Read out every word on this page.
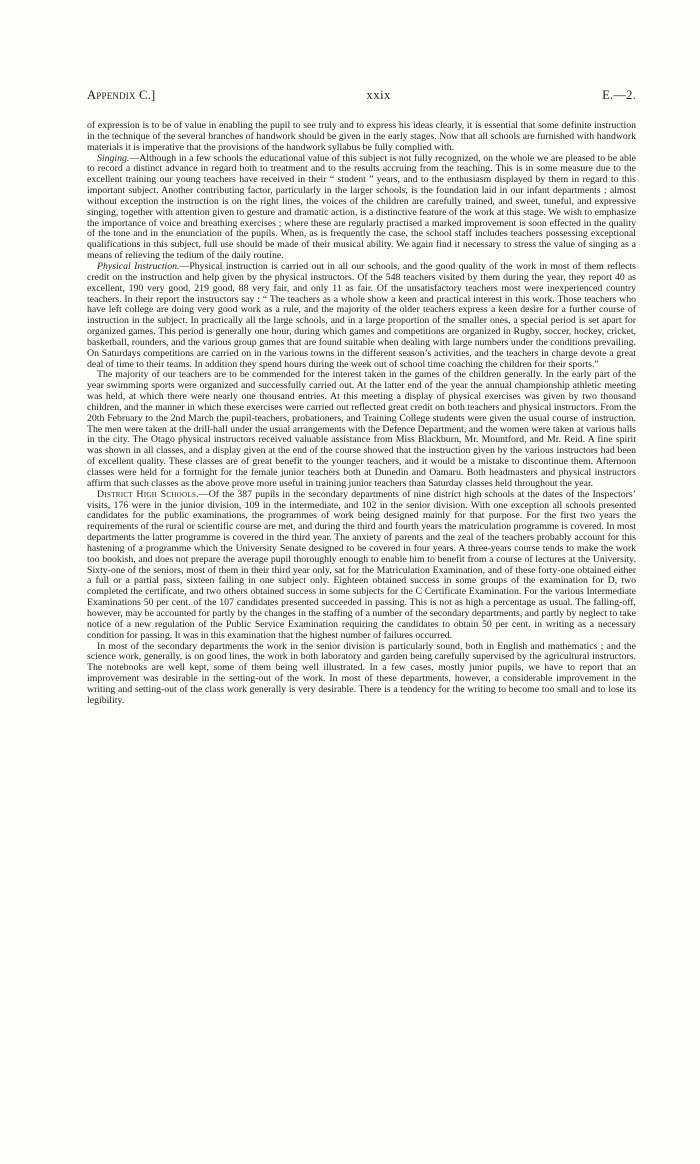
Appendix C.]	xxix	E.—2.

of expression is to be of value in enabling the pupil to see truly and to express his ideas clearly, it is essential that some definite instruction in the technique of the several branches of handwork should be given in the early stages. Now that all schools are furnished with handwork materials it is imperative that the provisions of the handwork syllabus be fully complied with.

Singing.—Although in a few schools the educational value of this subject is not fully recognized, on the whole we are pleased to be able to record a distinct advance in regard both to treatment and to the results accruing from the teaching. This is in some measure due to the excellent training our young teachers have received in their “ student ” years, and to the enthusiasm displayed by them in regard to this important subject. Another contributing factor, particularly in the larger schools, is the foundation laid in our infant departments ; almost without exception the instruction is on the right lines, the voices of the children are carefully trained, and sweet, tuneful, and expressive singing, together with attention given to gesture and dramatic action, is a distinctive feature of the work at this stage. We wish to emphasize the importance of voice and breathing exercises ; where these are regularly practised a marked improvement is soon effected in the quality of the tone and in the enunciation of the pupils. When, as is frequently the case, the school staff includes teachers possessing exceptional qualifications in this subject, full use should be made of their musical ability. We again find it necessary to stress the value of singing as a means of relieving the tedium of the daily routine.

Physical Instruction.—Physical instruction is carried out in all our schools, and the good quality of the work in most of them reflects credit on the instruction and help given by the physical instructors. Of the 548 teachers visited by them during the year, they report 40 as excellent, 190 very good, 219 good, 88 very fair, and only 11 as fair. Of the unsatisfactory teachers most were inexperienced country teachers. In their report the instructors say : “ The teachers as a whole show a keen and practical interest in this work. Those teachers who have left college are doing very good work as a rule, and the majority of the older teachers express a keen desire for a further course of instruction in the subject. In practically all the large schools, and in a large proportion of the smaller ones, a special period is set apart for organized games. This period is generally one hour, during which games and competitions are organized in Rugby, soccer, hockey, cricket, basketball, rounders, and the various group games that are found suitable when dealing with large numbers under the conditions prevailing. On Saturdays competitions are carried on in the various towns in the different season’s activities, and the teachers in charge devote a great deal of time to their teams. In addition they spend hours during the week out of school time coaching the children for their sports.”

The majority of our teachers are to be commended for the interest taken in the games of the children generally. In the early part of the year swimming sports were organized and successfully carried out. At the latter end of the year the annual championship athletic meeting was held, at which there were nearly one thousand entries. At this meeting a display of physical exercises was given by two thousand children, and the manner in which these exercises were carried out reflected great credit on both teachers and physical instructors. From the 20th February to the 2nd March the pupil-teachers, probationers, and Training College students were given the usual course of instruction. The men were taken at the drill-hall under the usual arrangements with the Defence Department, and the women were taken at various halls in the city. The Otago physical instructors received valuable assistance from Miss Blackburn, Mr. Mountford, and Mr. Reid. A fine spirit was shown in all classes, and a display given at the end of the course showed that the instruction given by the various instructors had been of excellent quality. These classes are of great benefit to the younger teachers, and it would be a mistake to discontinue them. Afternoon classes were held for a fortnight for the female junior teachers both at Dunedin and Oamaru. Both headmasters and physical instructors affirm that such classes as the above prove more useful in training junior teachers than Saturday classes held throughout the year.

District High Schools.—Of the 387 pupils in the secondary departments of nine district high schools at the dates of the Inspectors’ visits, 176 were in the junior division, 109 in the intermediate, and 102 in the senior division. With one exception all schools presented candidates for the public examinations, the programmes of work being designed mainly for that purpose. For the first two years the requirements of the rural or scientific course are met, and during the third and fourth years the matriculation programme is covered. In most departments the latter programme is covered in the third year. The anxiety of parents and the zeal of the teachers probably account for this hastening of a programme which the University Senate designed to be covered in four years. A three-years course tends to make the work too bookish, and does not prepare the average pupil thoroughly enough to enable him to benefit from a course of lectures at the University. Sixty-one of the seniors, most of them in their third year only, sat for the Matriculation Examination, and of these forty-one obtained either a full or a partial pass, sixteen failing in one subject only. Eighteen obtained success in some groups of the examination for D, two completed the certificate, and two others obtained success in some subjects for the C Certificate Examination. For the various Intermediate Examinations 50 per cent. of the 107 candidates presented succeeded in passing. This is not as high a percentage as usual. The falling-off, however, may be accounted for partly by the changes in the staffing of a number of the secondary departments, and partly by neglect to take notice of a new regulation of the Public Service Examination requiring the candidates to obtain 50 per cent. in writing as a necessary condition for passing. It was in this examination that the highest number of failures occurred.

In most of the secondary departments the work in the senior division is particularly sound, both in English and mathematics ; and the science work, generally, is on good lines, the work in both laboratory and garden being carefully supervised by the agricultural instructors. The notebooks are well kept, some of them being well illustrated. In a few cases, mostly junior pupils, we have to report that an improvement was desirable in the setting-out of the work. In most of these departments, however, a considerable improvement in the writing and setting-out of the class work generally is very desirable. There is a tendency for the writing to become too small and to lose its legibility.
